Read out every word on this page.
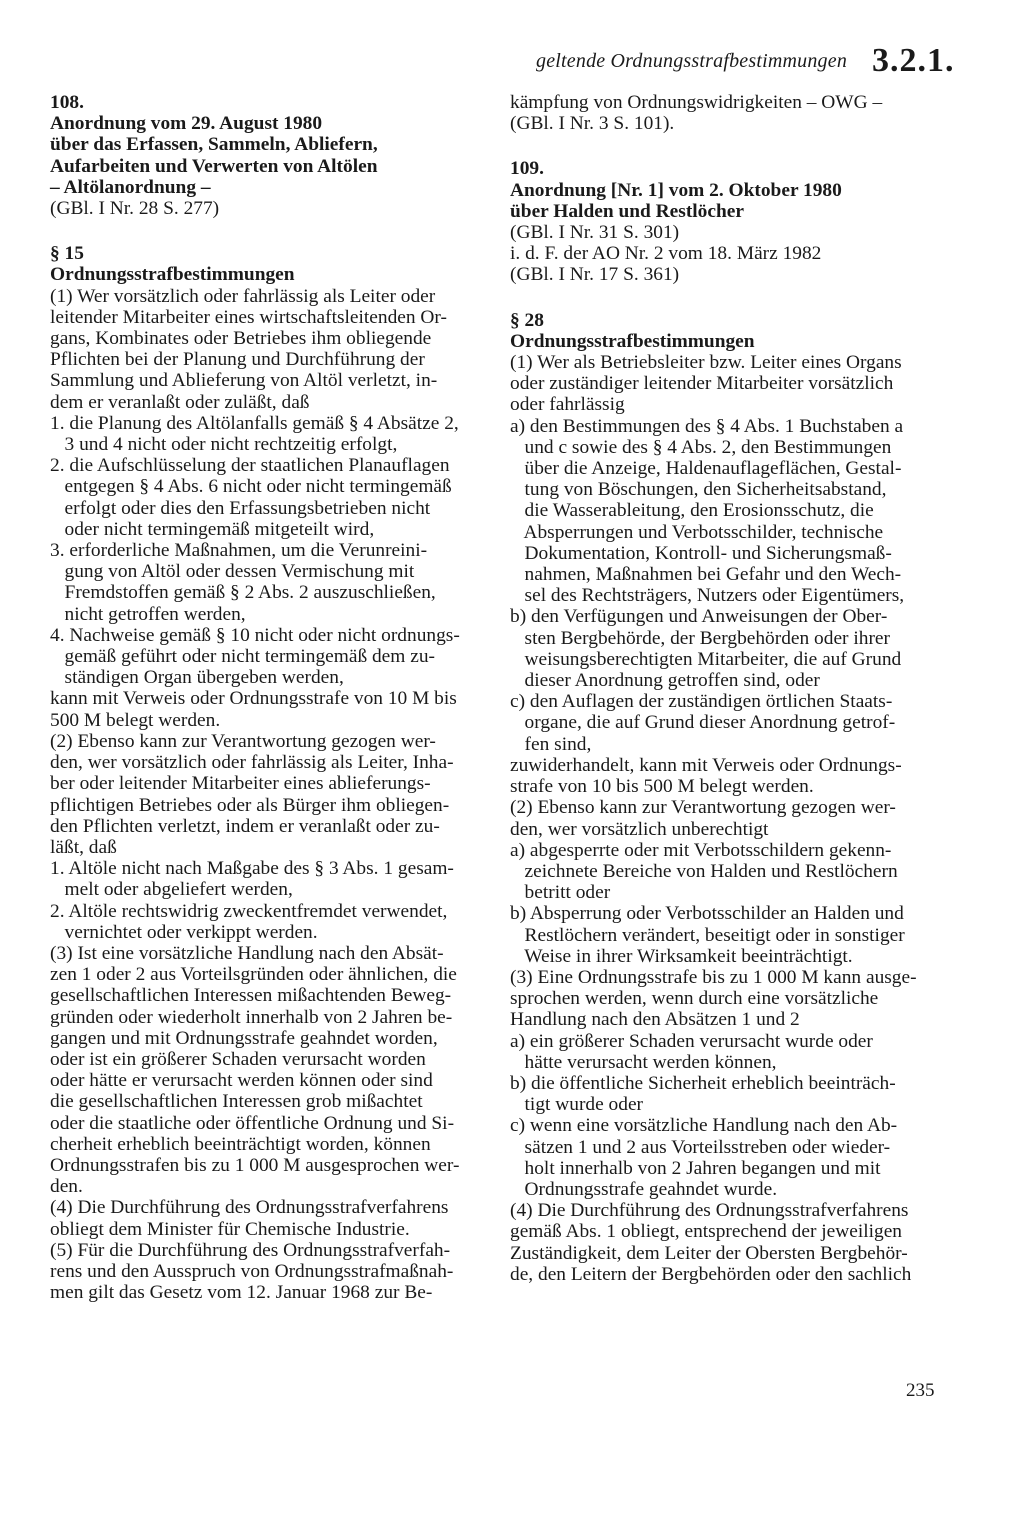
geltende Ordnungsstrafbestimmungen 3.2.1.
108.
Anordnung vom 29. August 1980
über das Erfassen, Sammeln, Abliefern,
Aufarbeiten und Verwerten von Altölen
– Altölanordnung –
(GBl. I Nr. 28 S. 277)
§ 15
Ordnungsstrafbestimmungen
(1) Wer vorsätzlich oder fahrlässig als Leiter oder
leitender Mitarbeiter eines wirtschaftsleitenden Or-
gans, Kombinates oder Betriebes ihm obliegende
Pflichten bei der Planung und Durchführung der
Sammlung und Ablieferung von Altöl verletzt, in-
dem er veranlaßt oder zuläßt, daß
1. die Planung des Altölanfalls gemäß § 4 Absätze 2,
3 und 4 nicht oder nicht rechtzeitig erfolgt,
2. die Aufschlüsselung der staatlichen Planauflagen
entgegen § 4 Abs. 6 nicht oder nicht termingemäß
erfolgt oder dies den Erfassungsbetrieben nicht
oder nicht termingemäß mitgeteilt wird,
3. erforderliche Maßnahmen, um die Verunreini-
gung von Altöl oder dessen Vermischung mit
Fremdstoffen gemäß § 2 Abs. 2 auszuschließen,
nicht getroffen werden,
4. Nachweise gemäß § 10 nicht oder nicht ordnungs-
gemäß geführt oder nicht termingemäß dem zu-
ständigen Organ übergeben werden,
kann mit Verweis oder Ordnungsstrafe von 10 M bis
500 M belegt werden.
(2) Ebenso kann zur Verantwortung gezogen wer-
den, wer vorsätzlich oder fahrlässig als Leiter, Inha-
ber oder leitender Mitarbeiter eines ablieferungs-
pflichtigen Betriebes oder als Bürger ihm obliegen-
den Pflichten verletzt, indem er veranlaßt oder zu-
läßt, daß
1. Altöle nicht nach Maßgabe des § 3 Abs. 1 gesam-
melt oder abgeliefert werden,
2. Altöle rechtswidrig zweckentfremdet verwendet,
vernichtet oder verkippt werden.
(3) Ist eine vorsätzliche Handlung nach den Absät-
zen 1 oder 2 aus Vorteilsgründen oder ähnlichen, die
gesellschaftlichen Interessen mißachtenden Beweg-
gründen oder wiederholt innerhalb von 2 Jahren be-
gangen und mit Ordnungsstrafe geahndet worden,
oder ist ein größerer Schaden verursacht worden
oder hätte er verursacht werden können oder sind
die gesellschaftlichen Interessen grob mißachtet
oder die staatliche oder öffentliche Ordnung und Si-
cherheit erheblich beeinträchtigt worden, können
Ordnungsstrafen bis zu 1 000 M ausgesprochen wer-
den.
(4) Die Durchführung des Ordnungsstrafverfahrens
obliegt dem Minister für Chemische Industrie.
(5) Für die Durchführung des Ordnungsstrafverfah-
rens und den Ausspruch von Ordnungsstrafmaßnah-
men gilt das Gesetz vom 12. Januar 1968 zur Be-
kämpfung von Ordnungswidrigkeiten – OWG –
(GBl. I Nr. 3 S. 101).
109.
Anordnung [Nr. 1] vom 2. Oktober 1980
über Halden und Restlöcher
(GBl. I Nr. 31 S. 301)
i. d. F. der AO Nr. 2 vom 18. März 1982
(GBl. I Nr. 17 S. 361)
§ 28
Ordnungsstrafbestimmungen
(1) Wer als Betriebsleiter bzw. Leiter eines Organs
oder zuständiger leitender Mitarbeiter vorsätzlich
oder fahrlässig
a) den Bestimmungen des § 4 Abs. 1 Buchstaben a
und c sowie des § 4 Abs. 2, den Bestimmungen
über die Anzeige, Haldenauflageflächen, Gestal-
tung von Böschungen, den Sicherheitsabstand,
die Wasserableitung, den Erosionsschutz, die
Absperrungen und Verbotsschilder, technische
Dokumentation, Kontroll- und Sicherungsmaß-
nahmen, Maßnahmen bei Gefahr und den Wech-
sel des Rechtsträgers, Nutzers oder Eigentümers,
b) den Verfügungen und Anweisungen der Ober-
sten Bergbehörde, der Bergbehörden oder ihrer
weisungsberechtigten Mitarbeiter, die auf Grund
dieser Anordnung getroffen sind, oder
c) den Auflagen der zuständigen örtlichen Staats-
organe, die auf Grund dieser Anordnung getrof-
fen sind,
zuwiderhandelt, kann mit Verweis oder Ordnungs-
strafe von 10 bis 500 M belegt werden.
(2) Ebenso kann zur Verantwortung gezogen wer-
den, wer vorsätzlich unberechtigt
a) abgesperrte oder mit Verbotsschildern gekenn-
zeichnete Bereiche von Halden und Restlöchern
betritt oder
b) Absperrung oder Verbotsschilder an Halden und
Restlöchern verändert, beseitigt oder in sonstiger
Weise in ihrer Wirksamkeit beeinträchtigt.
(3) Eine Ordnungsstrafe bis zu 1 000 M kann ausge-
sprochen werden, wenn durch eine vorsätzliche
Handlung nach den Absätzen 1 und 2
a) ein größerer Schaden verursacht wurde oder
hätte verursacht werden können,
b) die öffentliche Sicherheit erheblich beeinträch-
tigt wurde oder
c) wenn eine vorsätzliche Handlung nach den Ab-
sätzen 1 und 2 aus Vorteilsstreben oder wieder-
holt innerhalb von 2 Jahren begangen und mit
Ordnungsstrafe geahndet wurde.
(4) Die Durchführung des Ordnungsstrafverfahrens
gemäß Abs. 1 obliegt, entsprechend der jeweiligen
Zuständigkeit, dem Leiter der Obersten Bergbehör-
de, den Leitern der Bergbehörden oder den sachlich
235
